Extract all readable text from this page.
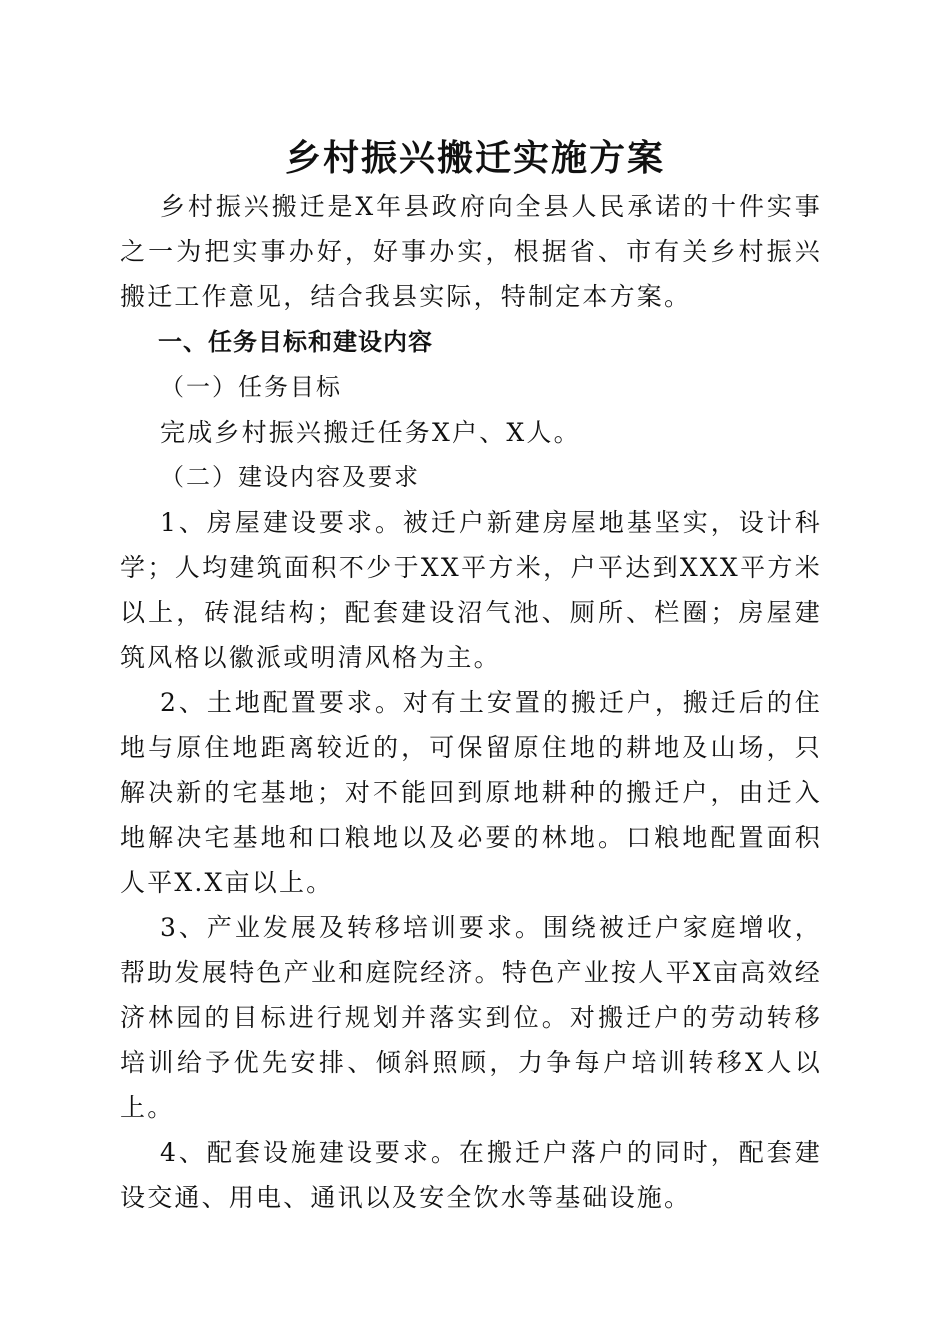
乡村振兴搬迁实施方案

乡村振兴搬迁是X年县政府向全县人民承诺的十件实事之一为把实事办好，好事办实，根据省、市有关乡村振兴搬迁工作意见，结合我县实际，特制定本方案。

一、任务目标和建设内容

（一）任务目标

完成乡村振兴搬迁任务X户、X人。

（二）建设内容及要求

1、房屋建设要求。被迁户新建房屋地基坚实，设计科学；人均建筑面积不少于XX平方米，户平达到XXX平方米以上，砖混结构；配套建设沼气池、厕所、栏圈；房屋建筑风格以徽派或明清风格为主。

2、土地配置要求。对有土安置的搬迁户，搬迁后的住地与原住地距离较近的，可保留原住地的耕地及山场，只解决新的宅基地；对不能回到原地耕种的搬迁户，由迁入地解决宅基地和口粮地以及必要的林地。口粮地配置面积人平X.X亩以上。

3、产业发展及转移培训要求。围绕被迁户家庭增收，帮助发展特色产业和庭院经济。特色产业按人平X亩高效经济林园的目标进行规划并落实到位。对搬迁户的劳动转移培训给予优先安排、倾斜照顾，力争每户培训转移X人以上。

4、配套设施建设要求。在搬迁户落户的同时，配套建设交通、用电、通讯以及安全饮水等基础设施。
